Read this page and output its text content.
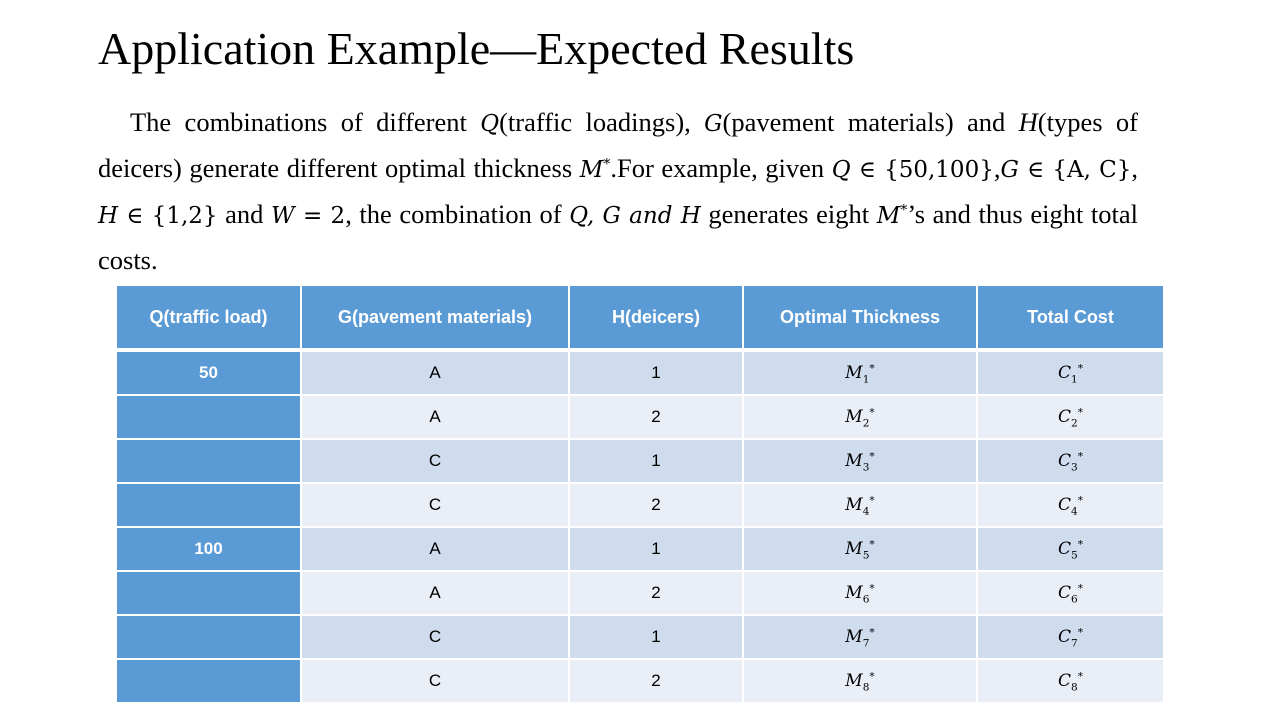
Application Example—Expected Results

The combinations of different Q(traffic loadings), G(pavement materials) and H(types of deicers) generate different optimal thickness M*.For example, given Q ∈ {50,100},G ∈ {A, C}, H ∈ {1,2} and W = 2, the combination of Q, G and H generates eight M*’s and thus eight total costs.

Q(traffic load)	G(pavement materials)	H(deicers)	Optimal Thickness	Total Cost
50	A	1	$M_1^*$	$C_1^*$
	A	2	$M_2^*$	$C_2^*$
	C	1	$M_3^*$	$C_3^*$
	C	2	$M_4^*$	$C_4^*$
100	A	1	$M_5^*$	$C_5^*$
	A	2	$M_6^*$	$C_6^*$
	C	1	$M_7^*$	$C_7^*$
	C	2	$M_8^*$	$C_8^*$
